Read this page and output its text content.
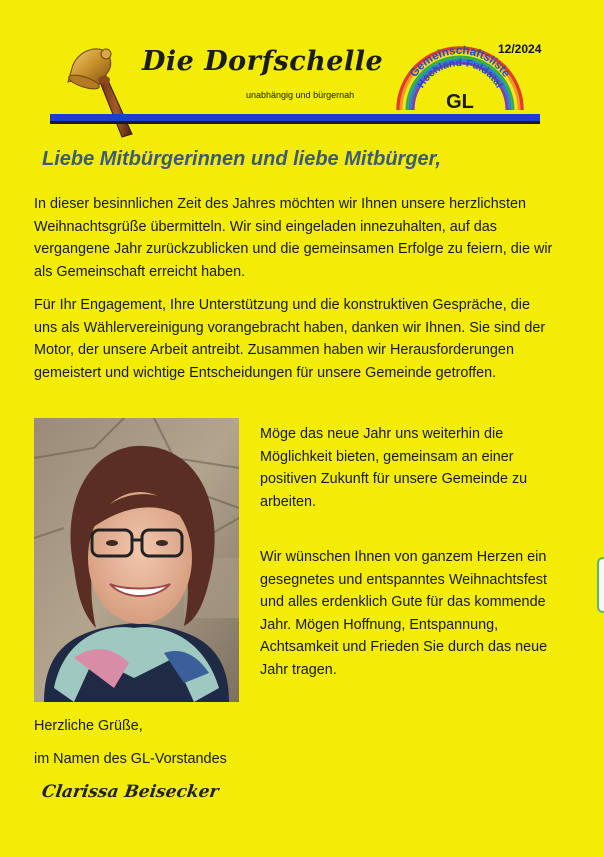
Die Dorfschelle
unabhängig und bürgernah
12/2024
Gemeinschaftsliste
Hochland-Fuldatal
GL
Liebe Mitbürgerinnen und liebe Mitbürger,

In dieser besinnlichen Zeit des Jahres möchten wir Ihnen unsere herzlichsten Weihnachtsgrüße übermitteln. Wir sind eingeladen innezuhalten, auf das vergangene Jahr zurückzublicken und die gemeinsamen Erfolge zu feiern, die wir als Gemeinschaft erreicht haben.

Für Ihr Engagement, Ihre Unterstützung und die konstruktiven Gespräche, die uns als Wählervereinigung vorangebracht haben, danken wir Ihnen. Sie sind der Motor, der unsere Arbeit antreibt. Zusammen haben wir Herausforderungen gemeistert und wichtige Entscheidungen für unsere Gemeinde getroffen.

Möge das neue Jahr uns weiterhin die Möglichkeit bieten, gemeinsam an einer positiven Zukunft für unsere Gemeinde zu arbeiten.

Wir wünschen Ihnen von ganzem Herzen ein gesegnetes und entspanntes Weihnachtsfest und alles erdenklich Gute für das kommende Jahr. Mögen Hoffnung, Entspannung, Achtsamkeit und Frieden Sie durch das neue Jahr tragen.

Herzliche Grüße,
im Namen des GL-Vorstandes
Clarissa Beisecker
